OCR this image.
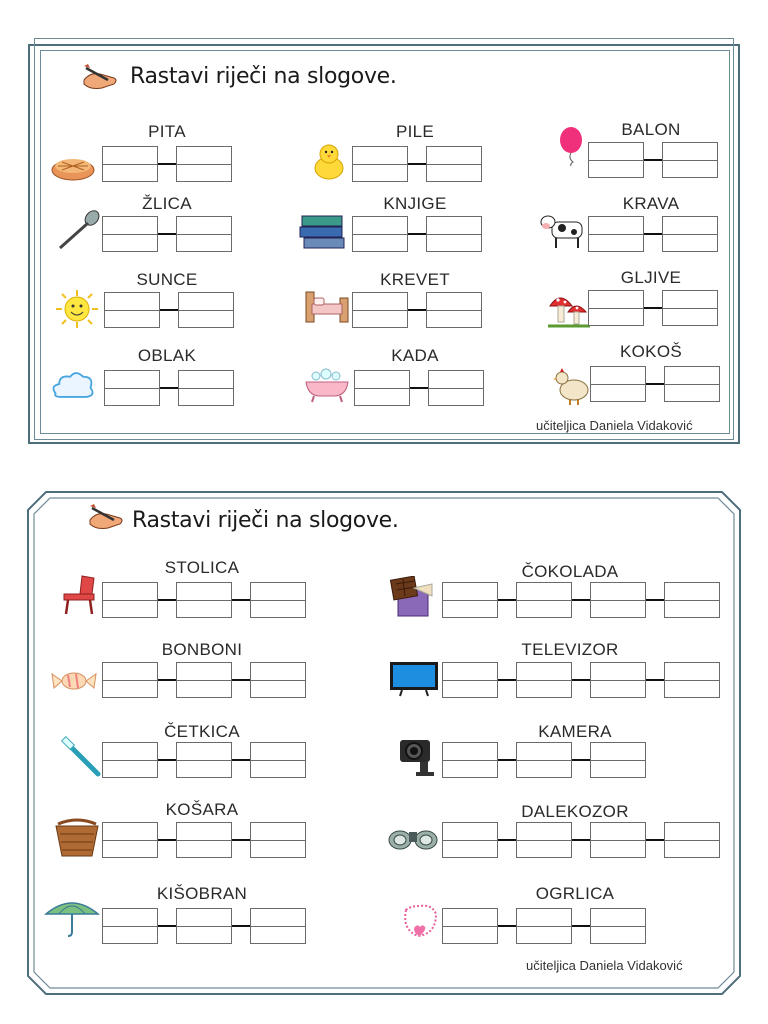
Rastavi riječi na slogove.
PITA
ŽLICA
SUNCE
OBLAK
PILE
KNJIGE
KREVET
KADA
BALON
KRAVA
GLJIVE
KOKOŠ
učiteljica Daniela Vidaković
Rastavi riječi na slogove.
STOLICA
BONBONI
ČETKICA
KOŠARA
KIŠOBRAN
ČOKOLADA
TELEVIZOR
KAMERA
DALEKOZOR
OGRLICA
učiteljica Daniela Vidaković
